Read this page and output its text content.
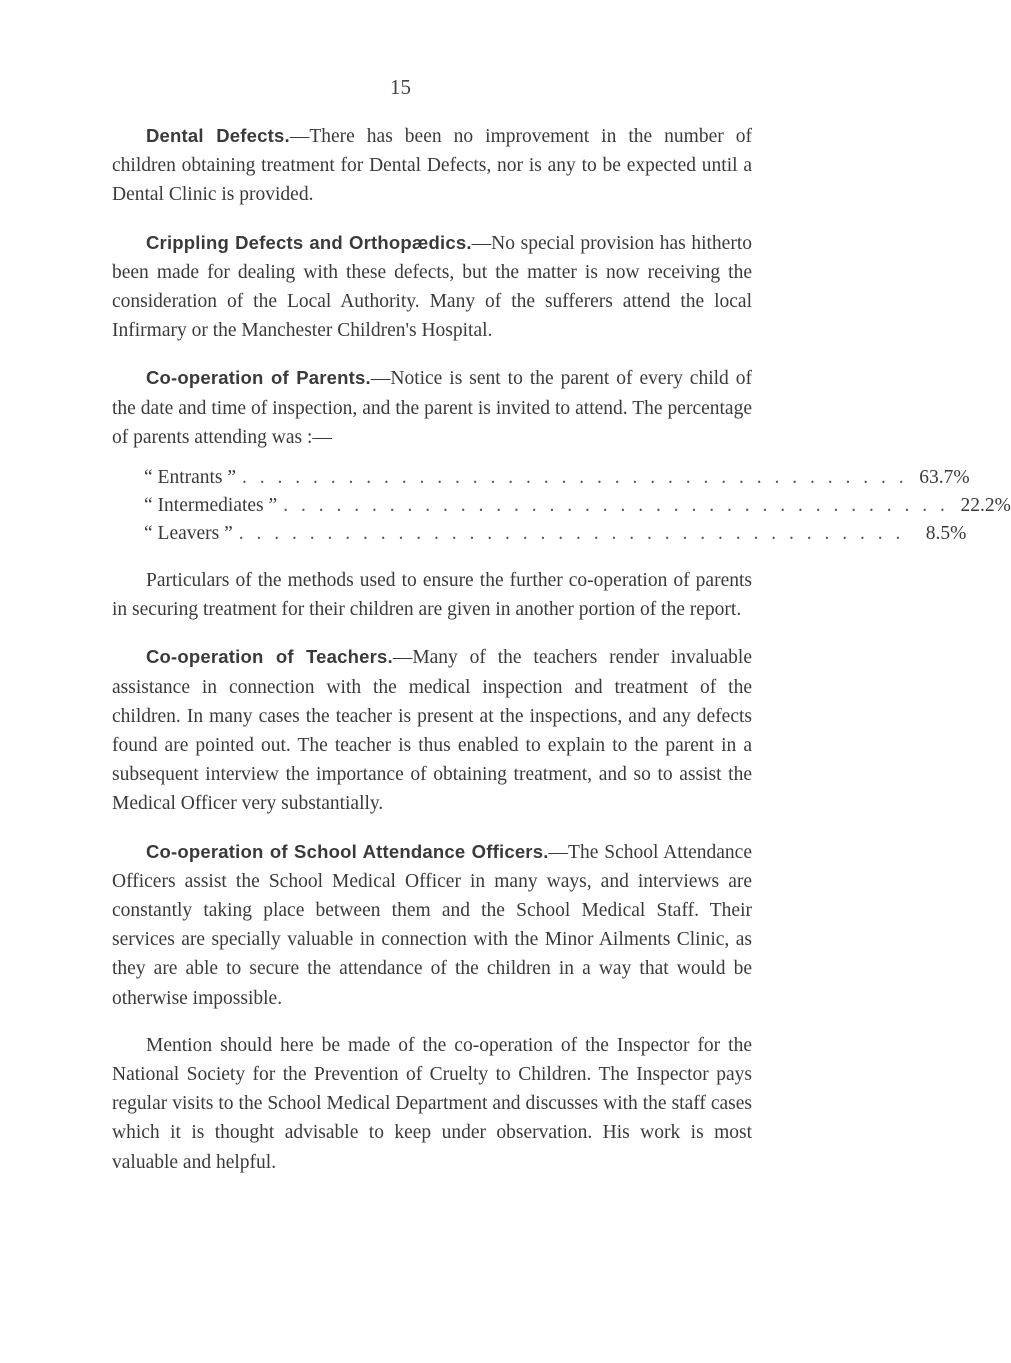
15

Dental Defects.—There has been no improvement in the number of children obtaining treatment for Dental Defects, nor is any to be expected until a Dental Clinic is provided.

Crippling Defects and Orthopædics.—No special provision has hitherto been made for dealing with these defects, but the matter is now receiving the consideration of the Local Authority. Many of the sufferers attend the local Infirmary or the Manchester Children's Hospital.

Co-operation of Parents.—Notice is sent to the parent of every child of the date and time of inspection, and the parent is invited to attend. The percentage of parents attending was :—

“ Entrants ” . . . . . . . . . . . . . . . . . . . . . . . . . . . . . . . . . . . . . . 63.7%
“ Intermediates ” . . . . . . . . . . . . . . . . . . . . . . . . . . . . . . . . . . . . . . 22.2%
“ Leavers ” . . . . . . . . . . . . . . . . . . . . . . . . . . . . . . . . . . . . . .	8.5%

Particulars of the methods used to ensure the further co-operation of parents in securing treatment for their children are given in another portion of the report.

Co-operation of Teachers.—Many of the teachers render invaluable assistance in connection with the medical inspection and treatment of the children. In many cases the teacher is present at the inspections, and any defects found are pointed out. The teacher is thus enabled to explain to the parent in a subsequent interview the importance of obtaining treatment, and so to assist the Medical Officer very substantially.

Co-operation of School Attendance Officers.—The School Attendance Officers assist the School Medical Officer in many ways, and interviews are constantly taking place between them and the School Medical Staff. Their services are specially valuable in connection with the Minor Ailments Clinic, as they are able to secure the attendance of the children in a way that would be otherwise impossible.

Mention should here be made of the co-operation of the Inspector for the National Society for the Prevention of Cruelty to Children. The Inspector pays regular visits to the School Medical Department and discusses with the staff cases which it is thought advisable to keep under observation. His work is most valuable and helpful.
